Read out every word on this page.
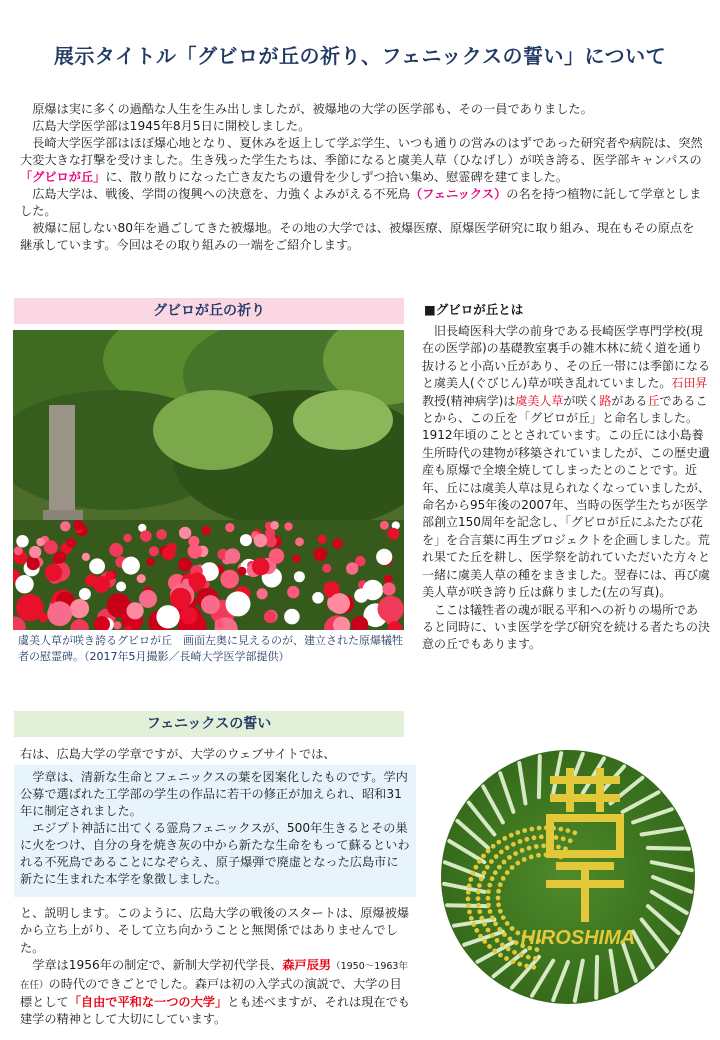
展示タイトル「グビロが丘の祈り、フェニックスの誓い」について

　原爆は実に多くの過酷な人生を生み出しましたが、被爆地の大学の医学部も、その一員でありました。

　広島大学医学部は1945年8月5日に開校しました。

　長崎大学医学部はほぼ爆心地となり、夏休みを返上して学ぶ学生、いつも通りの営みのはずであった研究者や病院は、突然大変大きな打撃を受けました。生き残った学生たちは、季節になると虞美人草（ひなげし）が咲き誇る、医学部キャンパスの「グビロが丘」に、散り散りになった亡き友たちの遺骨を少しずつ拾い集め、慰霊碑を建てました。

　広島大学は、戦後、学問の復興への決意を、力強くよみがえる不死鳥（フェニックス）の名を持つ植物に託して学章としました。

　被爆に屈しない80年を過ごしてきた被爆地。その地の大学では、被爆医療、原爆医学研究に取り組み、現在もその原点を継承しています。今回はその取り組みの一端をご紹介します。

グビロが丘の祈り
虞美人草が咲き誇るグビロが丘　画面左奥に見えるのが、建立された原爆犠牲者の慰霊碑。（2017年5月撮影／長崎大学医学部提供）
■グビロが丘とは

　旧長崎医科大学の前身である長崎医学専門学校(現在の医学部)の基礎教室裏手の雑木林に続く道を通り抜けると小高い丘があり、その丘一帯には季節になると虞美人(ぐびじん)草が咲き乱れていました。石田昇教授(精神病学)は虞美人草が咲く路がある丘であることから、この丘を「グビロが丘」と命名しました。1912年頃のこととされています。この丘には小島養生所時代の建物が移築されていましたが、この歴史遺産も原爆で全壊全焼してしまったとのことです。近年、丘には虞美人草は見られなくなっていましたが、命名から95年後の2007年、当時の医学生たちが医学部創立150周年を記念し、「グビロが丘にふたたび花を」を合言葉に再生プロジェクトを企画しました。荒れ果てた丘を耕し、医学祭を訪れていただいた方々と一緒に虞美人草の種をまきました。翌春には、再び虞美人草が咲き誇り丘は蘇りました(左の写真)。

　ここは犠牲者の魂が眠る平和への祈りの場所であると同時に、いま医学を学び研究を続ける者たちの決意の丘でもあります。

フェニックスの誓い
右は、広島大学の学章ですが、大学のウェブサイトでは、

　学章は、清新な生命とフェニックスの葉を図案化したものです。学内公募で選ばれた工学部の学生の作品に若干の修正が加えられ、昭和31年に制定されました。

　エジプト神話に出てくる霊鳥フェニックスが、500年生きるとその巣に火をつけ、自分の身を焼き灰の中から新たな生命をもって蘇るといわれる不死鳥であることになぞらえ、原子爆弾で廃虚となった広島市に新たに生まれた本学を象徴しました。

と、説明します。このように、広島大学の戦後のスタートは、原爆被爆から立ち上がり、そして立ち向かうことと無関係ではありませんでした。

　学章は1956年の制定で、新制大学初代学長、森戸辰男（1950〜1963年在任）の時代のできごとでした。森戸は初の入学式の演説で、大学の目標として「自由で平和な一つの大学」とも述べますが、それは現在でも建学の精神として大切にしています。

HIROSHIMA
